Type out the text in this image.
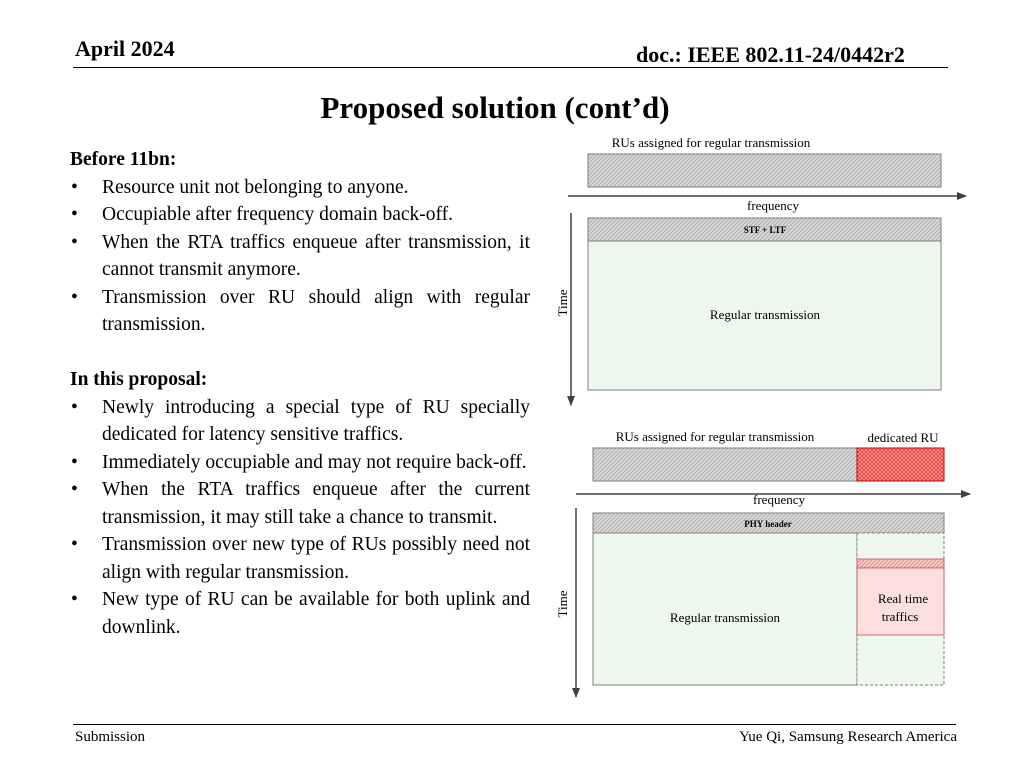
April 2024	doc.: IEEE 802.11-24/0442r2
Proposed solution (cont’d)
Before 11bn:
• Resource unit not belonging to anyone.
• Occupiable after frequency domain back-off.
• When the RTA traffics enqueue after transmission, it cannot transmit anymore.
• Transmission over RU should align with regular transmission.
In this proposal:
• Newly introducing a special type of RU specially dedicated for latency sensitive traffics.
• Immediately occupiable and may not require back-off.
• When the RTA traffics enqueue after the current transmission, it may still take a chance to transmit.
• Transmission over new type of RUs possibly need not align with regular transmission.
• New type of RU can be available for both uplink and downlink.
RUs assigned for regular transmission
frequency
Time
STF + LTF
Regular transmission
RUs assigned for regular transmission	dedicated RU
frequency
Time
PHY header
Regular transmission
Real time
traffics
Submission	Yue Qi, Samsung Research America
